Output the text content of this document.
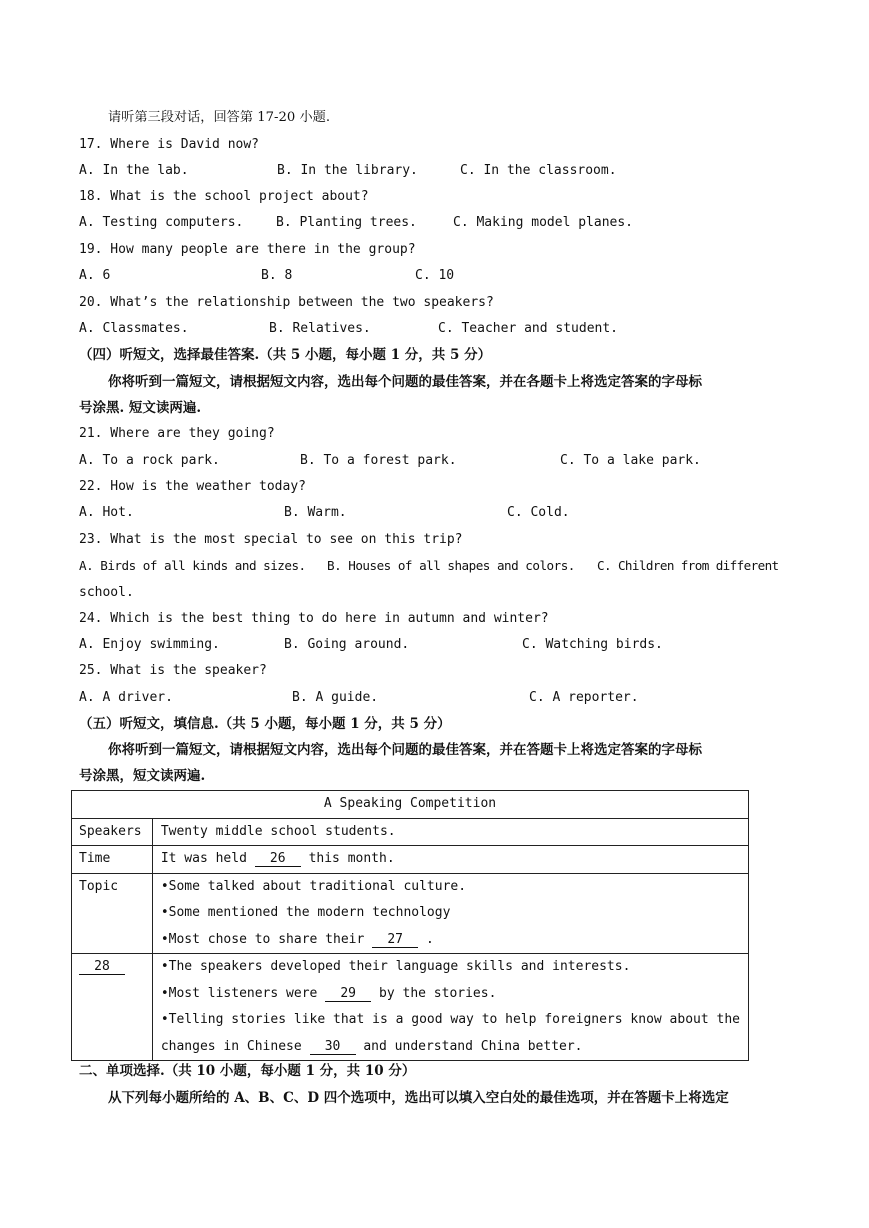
请听第三段对话，回答第 17-20 小题.
17. Where is David now?
A. In the lab.	B. In the library.	C. In the classroom.
18. What is the school project about?
A. Testing computers.	B. Planting trees.	C. Making model planes.
19. How many people are there in the group?
A. 6	B. 8	C. 10
20. What’s the relationship between the two speakers?
A. Classmates.	B. Relatives.	C. Teacher and student.
（四）听短文，选择最佳答案.（共 5 小题，每小题 1 分，共 5 分）
你将听到一篇短文，请根据短文内容，选出每个问题的最佳答案，并在各题卡上将选定答案的字母标
号涂黑. 短文读两遍.
21. Where are they going?
A. To a rock park.	B. To a forest park.	C. To a lake park.
22. How is the weather today?
A. Hot.	B. Warm.	C. Cold.
23. What is the most special to see on this trip?
A. Birds of all kinds and sizes. B. Houses of all shapes and colors. C. Children from different
school.
24. Which is the best thing to do here in autumn and winter?
A. Enjoy swimming.	B. Going around.	C. Watching birds.
25. What is the speaker?
A. A driver.	B. A guide.	C. A reporter.
（五）听短文，填信息.（共 5 小题，每小题 1 分，共 5 分）
你将听到一篇短文，请根据短文内容，选出每个问题的最佳答案，并在答题卡上将选定答案的字母标
号涂黑，短文读两遍.
A Speaking Competition	
Speakers	Twenty middle school students.
Time	It was held 26 this month.
Topic	•Some talked about traditional culture.
•Some mentioned the modern technology
•Most chose to share their 27 .

28	•The speakers developed their language skills and interests.
•Most listeners were 29 by the stories.
•Telling stories like that is a good way to help foreigners know about the
changes in Chinese 30 and understand China better.
二、单项选择.（共 10 小题，每小题 1 分，共 10 分）
从下列每小题所给的 A、B、C、D 四个选项中，选出可以填入空白处的最佳选项，并在答题卡上将选定
